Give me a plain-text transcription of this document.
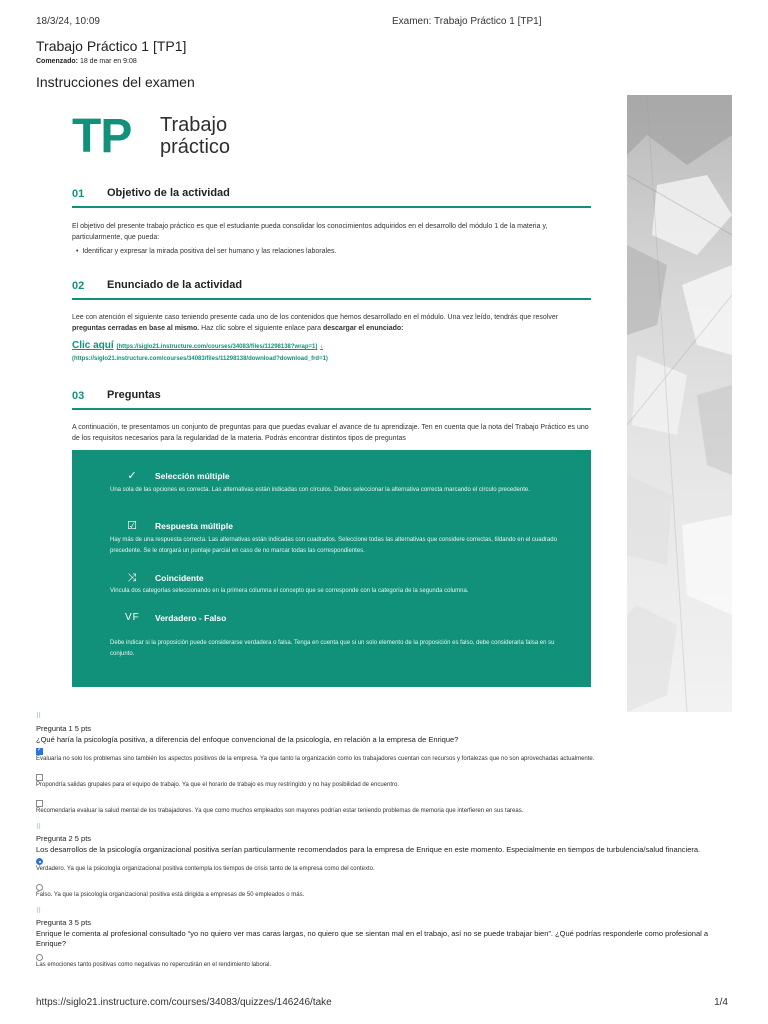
18/3/24, 10:09	Examen: Trabajo Práctico 1 [TP1]
Trabajo Práctico 1 [TP1]
Comenzado: 18 de mar en 9:08
Instrucciones del examen
TP Trabajo
práctico
01 Objetivo de la actividad
El objetivo del presente trabajo práctico es que el estudiante pueda consolidar los conocimientos adquiridos en el desarrollo del módulo 1 de la materia y, particularmente, que pueda:
•  Identificar y expresar la mirada positiva del ser humano y las relaciones laborales.
02 Enunciado de la actividad
Lee con atención el siguiente caso teniendo presente cada uno de los contenidos que hemos desarrollado en el módulo. Una vez leído, tendrás que resolver preguntas cerradas en base al mismo. Haz clic sobre el siguiente enlace para descargar el enunciado:
Clic aquí (https://siglo21.instructure.com/courses/34083/files/11298138?wrap=1) ↓
(https://siglo21.instructure.com/courses/34083/files/11298138/download?download_frd=1)
03 Preguntas
A continuación, te presentamos un conjunto de preguntas para que puedas evaluar el avance de tu aprendizaje. Ten en cuenta que la nota del Trabajo Práctico es uno de los requisitos necesarios para la regularidad de la materia. Podrás encontrar distintos tipos de preguntas
✓ Selección múltiple
Una sola de las opciones es correcta. Las alternativas están indicadas con círculos. Debes seleccionar la alternativa correcta marcando el círculo precedente.
☑ Respuesta múltiple
Hay más de una respuesta correcta. Las alternativas están indicadas con cuadrados. Seleccione todas las alternativas que considere correctas, tildando en el cuadrado precedente. Se le otorgará un puntaje parcial en caso de no marcar todas las correspondientes.
⤨	Coincidente
Vincula dos categorías seleccionando en la primera columna el concepto que se corresponde con la categoría de la segunda columna.
VF Verdadero - Falso
Debe indicar si la proposición puede considerarse verdadera o falsa. Tenga en cuenta que si un solo elemento de la proposición es falso, debe considerarla falsa en su conjunto.
⠿
Pregunta 1 5 pts
¿Qué haría la psicología positiva, a diferencia del enfoque convencional de la psicología, en relación a la empresa de Enrique?
✓
Evaluaría no solo los problemas sino también los aspectos positivos de la empresa. Ya que tanto la organización como los trabajadores cuentan con recursos y fortalezas que no son aprovechadas actualmente.
Propondría salidas grupales para el equipo de trabajo. Ya que el horario de trabajo es muy restringido y no hay posibilidad de encuentro.
Recomendaría evaluar la salud mental de los trabajadores. Ya que como muchos empleados son mayores podrían estar teniendo problemas de memoria que interfieren en sus tareas.
⠿
Pregunta 2 5 pts
Los desarrollos de la psicología organizacional positiva serían particularmente recomendados para la empresa de Enrique en este momento. Especialmente en tiempos de turbulencia/salud financiera.
Verdadero. Ya que la psicología organizacional positiva contempla los tiempos de crisis tanto de la empresa como del contexto.
Falso. Ya que la psicología organizacional positiva está dirigida a empresas de 50 empleados o más.
⠿
Pregunta 3 5 pts
Enrique le comenta al profesional consultado “yo no quiero ver mas caras largas, no quiero que se sientan mal en el trabajo, así no se puede trabajar bien”. ¿Qué podrías responderle como profesional a Enrique?
Las emociones tanto positivas como negativas no repercutirán en el rendimiento laboral.
https://siglo21.instructure.com/courses/34083/quizzes/146246/take	1/4
